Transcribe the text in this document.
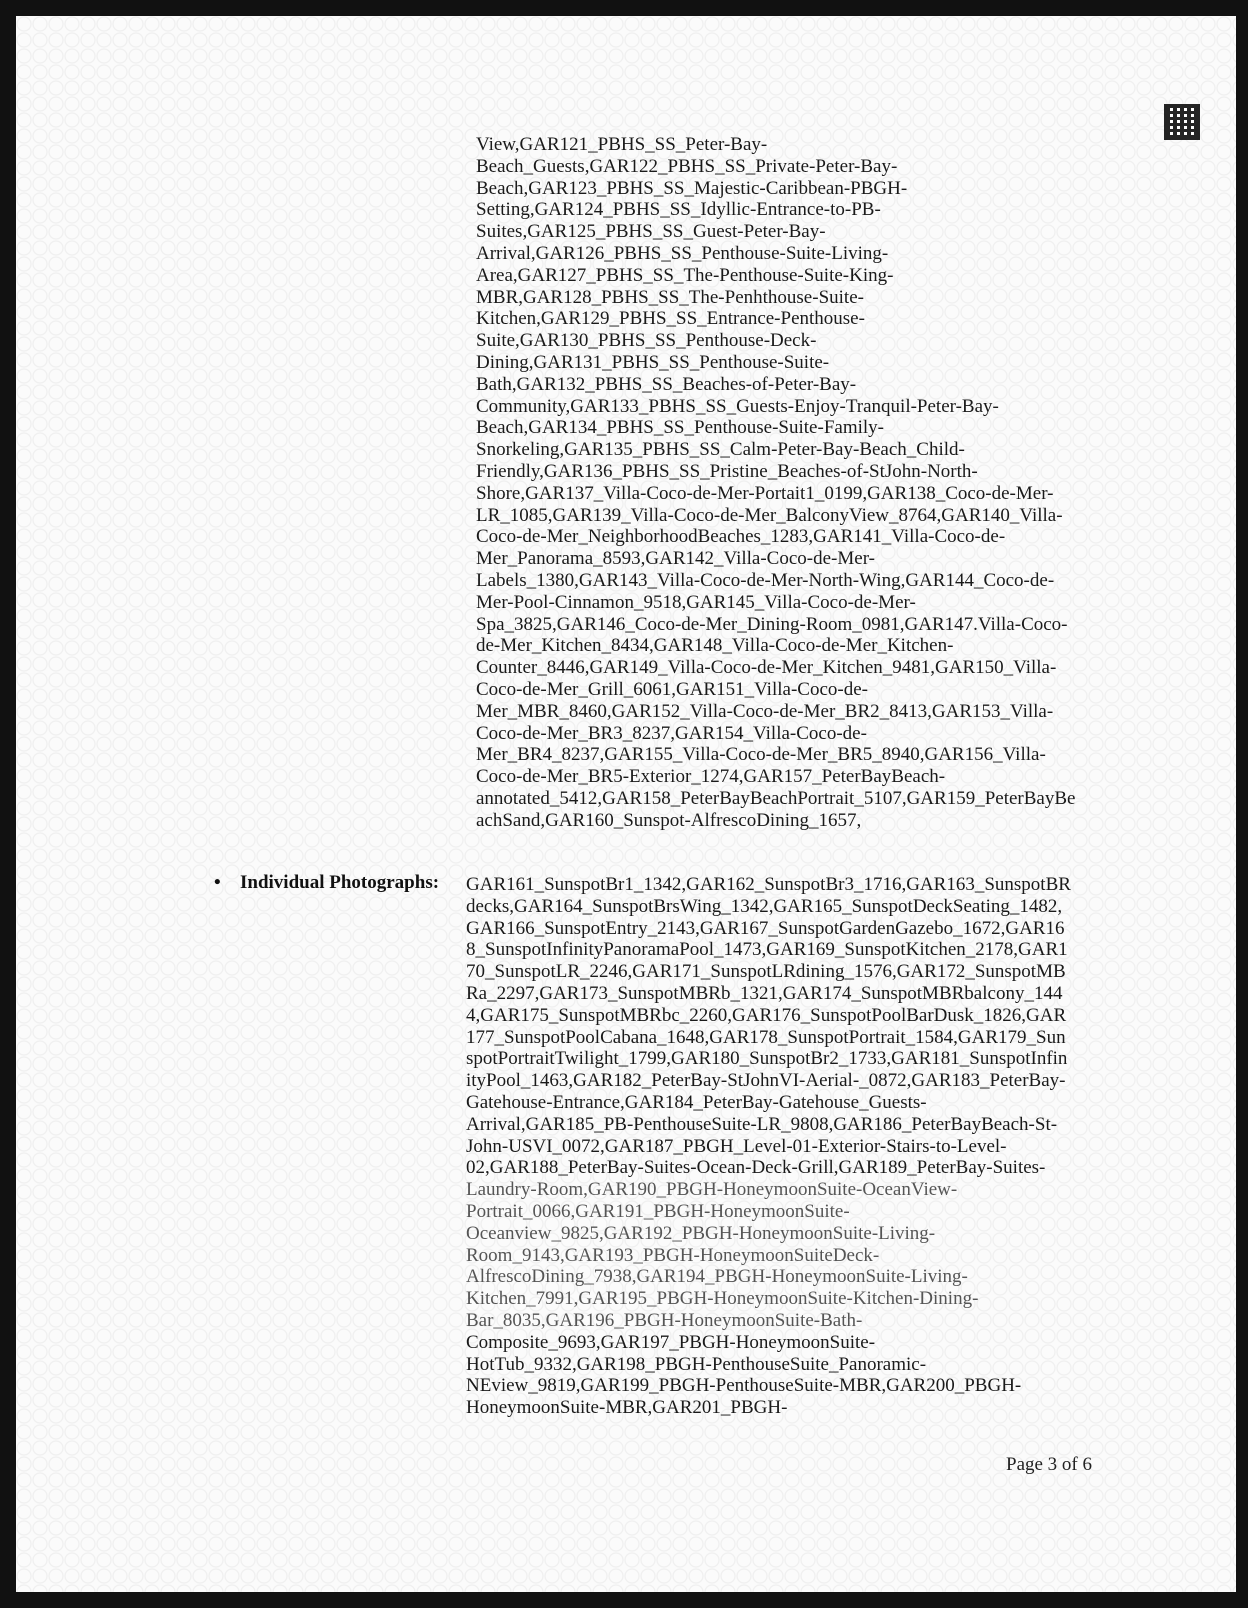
View,GAR121_PBHS_SS_Peter-Bay-
Beach_Guests,GAR122_PBHS_SS_Private-Peter-Bay-
Beach,GAR123_PBHS_SS_Majestic-Caribbean-PBGH-
Setting,GAR124_PBHS_SS_Idyllic-Entrance-to-PB-
Suites,GAR125_PBHS_SS_Guest-Peter-Bay-
Arrival,GAR126_PBHS_SS_Penthouse-Suite-Living-
Area,GAR127_PBHS_SS_The-Penthouse-Suite-King-
MBR,GAR128_PBHS_SS_The-Penhthouse-Suite-
Kitchen,GAR129_PBHS_SS_Entrance-Penthouse-
Suite,GAR130_PBHS_SS_Penthouse-Deck-
Dining,GAR131_PBHS_SS_Penthouse-Suite-
Bath,GAR132_PBHS_SS_Beaches-of-Peter-Bay-
Community,GAR133_PBHS_SS_Guests-Enjoy-Tranquil-Peter-Bay-
Beach,GAR134_PBHS_SS_Penthouse-Suite-Family-
Snorkeling,GAR135_PBHS_SS_Calm-Peter-Bay-Beach_Child-
Friendly,GAR136_PBHS_SS_Pristine_Beaches-of-StJohn-North-
Shore,GAR137_Villa-Coco-de-Mer-Portait1_0199,GAR138_Coco-de-Mer-
LR_1085,GAR139_Villa-Coco-de-Mer_BalconyView_8764,GAR140_Villa-
Coco-de-Mer_NeighborhoodBeaches_1283,GAR141_Villa-Coco-de-
Mer_Panorama_8593,GAR142_Villa-Coco-de-Mer-
Labels_1380,GAR143_Villa-Coco-de-Mer-North-Wing,GAR144_Coco-de-
Mer-Pool-Cinnamon_9518,GAR145_Villa-Coco-de-Mer-
Spa_3825,GAR146_Coco-de-Mer_Dining-Room_0981,GAR147.Villa-Coco-
de-Mer_Kitchen_8434,GAR148_Villa-Coco-de-Mer_Kitchen-
Counter_8446,GAR149_Villa-Coco-de-Mer_Kitchen_9481,GAR150_Villa-
Coco-de-Mer_Grill_6061,GAR151_Villa-Coco-de-
Mer_MBR_8460,GAR152_Villa-Coco-de-Mer_BR2_8413,GAR153_Villa-
Coco-de-Mer_BR3_8237,GAR154_Villa-Coco-de-
Mer_BR4_8237,GAR155_Villa-Coco-de-Mer_BR5_8940,GAR156_Villa-
Coco-de-Mer_BR5-Exterior_1274,GAR157_PeterBayBeach-
annotated_5412,GAR158_PeterBayBeachPortrait_5107,GAR159_PeterBayBe
achSand,GAR160_Sunspot-AlfrescoDining_1657,
• Individual Photographs: GAR161_SunspotBr1_1342,GAR162_SunspotBr3_1716,GAR163_SunspotBR
decks,GAR164_SunspotBrsWing_1342,GAR165_SunspotDeckSeating_1482,
GAR166_SunspotEntry_2143,GAR167_SunspotGardenGazebo_1672,GAR16
8_SunspotInfinityPanoramaPool_1473,GAR169_SunspotKitchen_2178,GAR1
70_SunspotLR_2246,GAR171_SunspotLRdining_1576,GAR172_SunspotMB
Ra_2297,GAR173_SunspotMBRb_1321,GAR174_SunspotMBRbalcony_144
4,GAR175_SunspotMBRbc_2260,GAR176_SunspotPoolBarDusk_1826,GAR
177_SunspotPoolCabana_1648,GAR178_SunspotPortrait_1584,GAR179_Sun
spotPortraitTwilight_1799,GAR180_SunspotBr2_1733,GAR181_SunspotInfin
ityPool_1463,GAR182_PeterBay-StJohnVI-Aerial-_0872,GAR183_PeterBay-
Gatehouse-Entrance,GAR184_PeterBay-Gatehouse_Guests-
Arrival,GAR185_PB-PenthouseSuite-LR_9808,GAR186_PeterBayBeach-St-
John-USVI_0072,GAR187_PBGH_Level-01-Exterior-Stairs-to-Level-
02,GAR188_PeterBay-Suites-Ocean-Deck-Grill,GAR189_PeterBay-Suites-
Laundry-Room,GAR190_PBGH-HoneymoonSuite-OceanView-
Portrait_0066,GAR191_PBGH-HoneymoonSuite-
Oceanview_9825,GAR192_PBGH-HoneymoonSuite-Living-
Room_9143,GAR193_PBGH-HoneymoonSuiteDeck-
AlfrescoDining_7938,GAR194_PBGH-HoneymoonSuite-Living-
Kitchen_7991,GAR195_PBGH-HoneymoonSuite-Kitchen-Dining-
Bar_8035,GAR196_PBGH-HoneymoonSuite-Bath-
Composite_9693,GAR197_PBGH-HoneymoonSuite-
HotTub_9332,GAR198_PBGH-PenthouseSuite_Panoramic-
NEview_9819,GAR199_PBGH-PenthouseSuite-MBR,GAR200_PBGH-
HoneymoonSuite-MBR,GAR201_PBGH-
Page 3 of 6
